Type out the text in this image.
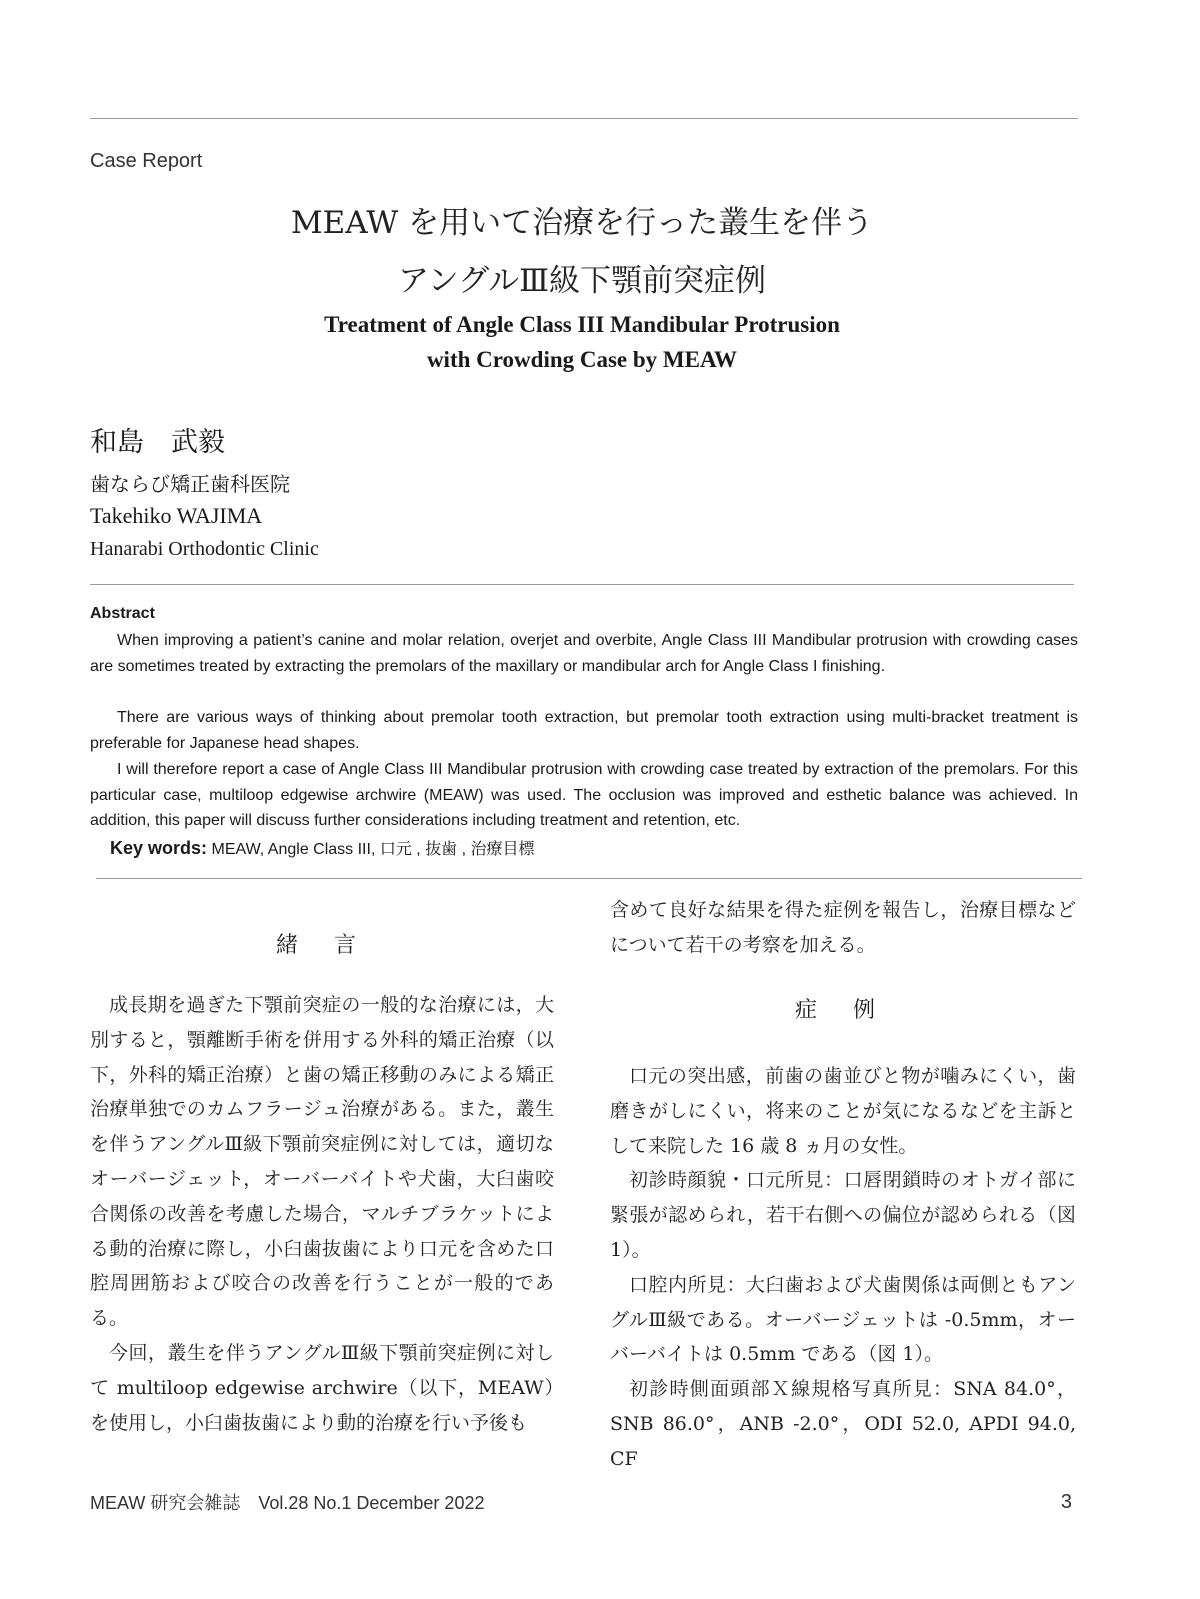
Case Report
MEAW を用いて治療を行った叢生を伴う
アングルⅢ級下顎前突症例
Treatment of Angle Class III Mandibular Protrusion
with Crowding Case by MEAW
和島　武毅
歯ならび矯正歯科医院
Takehiko WAJIMA
Hanarabi Orthodontic Clinic
Abstract
When improving a patient’s canine and molar relation, overjet and overbite, Angle Class III Mandibular protrusion with crowding cases are sometimes treated by extracting the premolars of the maxillary or mandibular arch for Angle Class I finishing.
There are various ways of thinking about premolar tooth extraction, but premolar tooth extraction using multi-bracket treatment is preferable for Japanese head shapes.
I will therefore report a case of Angle Class III Mandibular protrusion with crowding case treated by extraction of the premolars. For this particular case, multiloop edgewise archwire (MEAW) was used. The occlusion was improved and esthetic balance was achieved. In addition, this paper will discuss further considerations including treatment and retention, etc.
Key words: MEAW, Angle Class III, 口元 , 抜歯 , 治療目標
緒言

成長期を過ぎた下顎前突症の一般的な治療には，大別すると，顎離断手術を併用する外科的矯正治療（以下，外科的矯正治療）と歯の矯正移動のみによる矯正治療単独でのカムフラージュ治療がある。また，叢生を伴うアングルⅢ級下顎前突症例に対しては，適切なオーバージェット，オーバーバイトや犬歯，大臼歯咬合関係の改善を考慮した場合，マルチブラケットによる動的治療に際し，小臼歯抜歯により口元を含めた口腔周囲筋および咬合の改善を行うことが一般的である。

今回，叢生を伴うアングルⅢ級下顎前突症例に対して multiloop edgewise archwire（以下，MEAW）を使用し，小臼歯抜歯により動的治療を行い予後も

含めて良好な結果を得た症例を報告し，治療目標などについて若干の考察を加える。

症例

口元の突出感，前歯の歯並びと物が噛みにくい，歯磨きがしにくい，将来のことが気になるなどを主訴として来院した 16 歳 8 ヵ月の女性。

初診時顔貌・口元所見：口唇閉鎖時のオトガイ部に緊張が認められ，若干右側への偏位が認められる（図 1）。

口腔内所見：大臼歯および犬歯関係は両側ともアングルⅢ級である。オーバージェットは -0.5mm，オーバーバイトは 0.5mm である（図 1）。

初診時側面頭部Ｘ線規格写真所見：SNA 84.0°，SNB 86.0°，ANB -2.0°，ODI 52.0, APDI 94.0, CF

MEAW 研究会雑誌　Vol.28 No.1 December 2022	3
